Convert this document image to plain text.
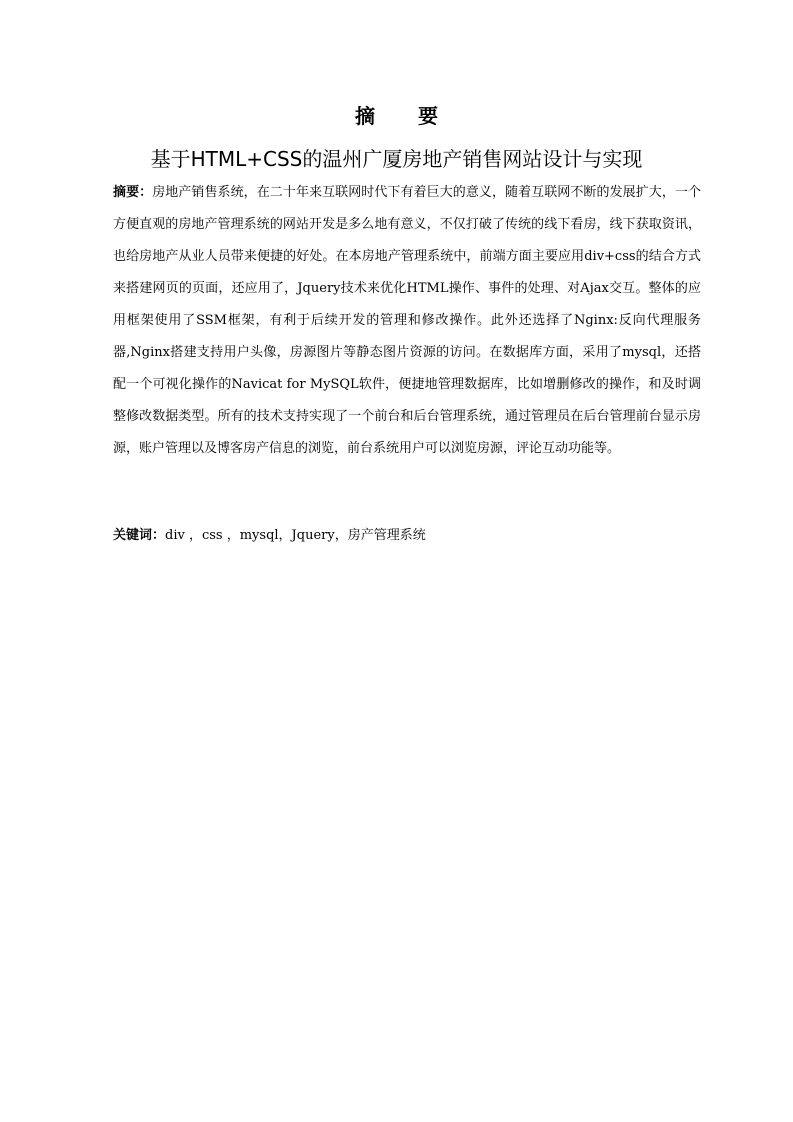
摘 要
基于HTML+CSS的温州广厦房地产销售网站设计与实现

摘要：房地产销售系统，在二十年来互联网时代下有着巨大的意义，随着互联网不断的发展扩大，一个方便直观的房地产管理系统的网站开发是多么地有意义，不仅打破了传统的线下看房，线下获取资讯，也给房地产从业人员带来便捷的好处。在本房地产管理系统中，前端方面主要应用div+css的结合方式来搭建网页的页面，还应用了，Jquery技术来优化HTML操作、事件的处理、对Ajax交互。整体的应用框架使用了SSM框架，有利于后续开发的管理和修改操作。此外还选择了Nginx:反向代理服务器,Nginx搭建支持用户头像，房源图片等静态图片资源的访问。在数据库方面，采用了mysql，还搭配一个可视化操作的Navicat for MySQL软件，便捷地管理数据库，比如增删修改的操作，和及时调整修改数据类型。所有的技术支持实现了一个前台和后台管理系统，通过管理员在后台管理前台显示房源，账户管理以及博客房产信息的浏览，前台系统用户可以浏览房源，评论互动功能等。

关键词：div ，css ，mysql，Jquery，房产管理系统
